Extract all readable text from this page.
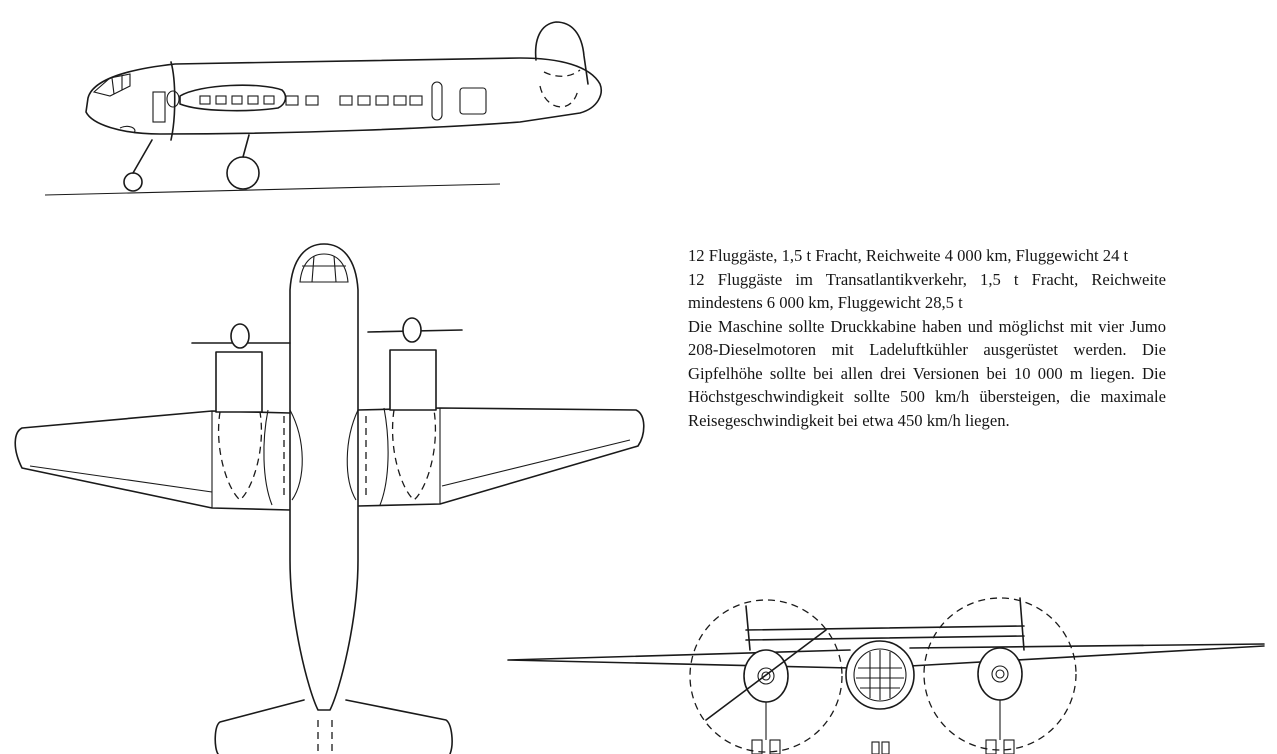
12 Fluggäste, 1,5 t Fracht, Reichweite 4 000 km, Fluggewicht 24 t

12 Fluggäste im Transatlantikverkehr, 1,5 t Fracht, Reichweite mindestens 6 000 km, Fluggewicht 28,5 t

Die Maschine sollte Druckkabine haben und möglichst mit vier Jumo 208-Dieselmotoren mit Ladeluftkühler ausgerüstet werden. Die Gipfelhöhe sollte bei allen drei Versionen bei 10 000 m liegen. Die Höchstgeschwindigkeit sollte 500 km/h übersteigen, die maximale Reisegeschwindigkeit bei etwa 450 km/h liegen.
